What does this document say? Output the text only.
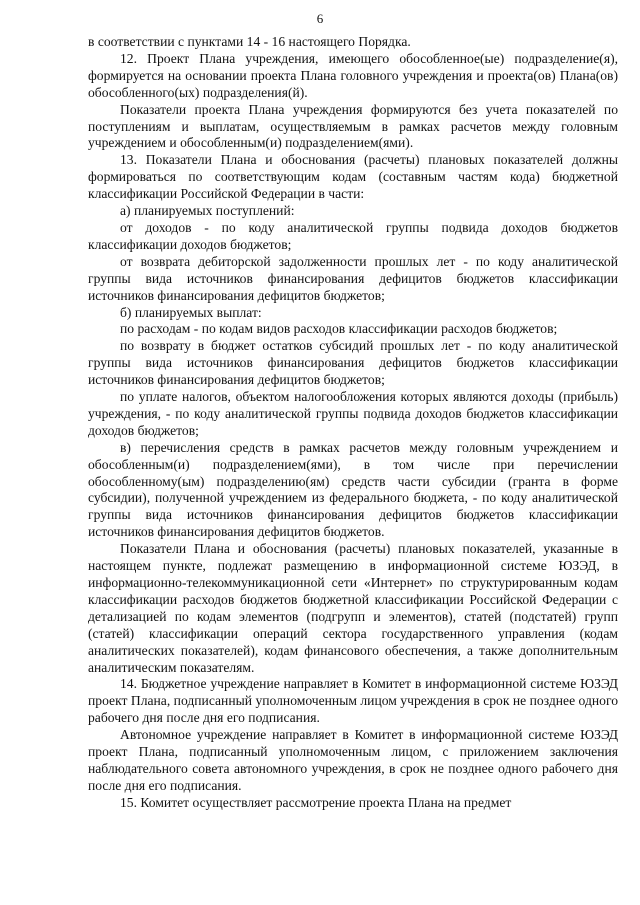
6

в соответствии с пунктами 14 - 16 настоящего Порядка.

12. Проект Плана учреждения, имеющего обособленное(ые) подразделение(я), формируется на основании проекта Плана головного учреждения и проекта(ов) Плана(ов) обособленного(ых) подразделения(й).

Показатели проекта Плана учреждения формируются без учета показателей по поступлениям и выплатам, осуществляемым в рамках расчетов между головным учреждением и обособленным(и) подразделением(ями).

13. Показатели Плана и обоснования (расчеты) плановых показателей должны формироваться по соответствующим кодам (составным частям кода) бюджетной классификации Российской Федерации в части:

а) планируемых поступлений:

от доходов - по коду аналитической группы подвида доходов бюджетов классификации доходов бюджетов;

от возврата дебиторской задолженности прошлых лет - по коду аналитической группы вида источников финансирования дефицитов бюджетов классификации источников финансирования дефицитов бюджетов;

б) планируемых выплат:

по расходам - по кодам видов расходов классификации расходов бюджетов;

по возврату в бюджет остатков субсидий прошлых лет - по коду аналитической группы вида источников финансирования дефицитов бюджетов классификации источников финансирования дефицитов бюджетов;

по уплате налогов, объектом налогообложения которых являются доходы (прибыль) учреждения, - по коду аналитической группы подвида доходов бюджетов классификации доходов бюджетов;

в) перечисления средств в рамках расчетов между головным учреждением и обособленным(и) подразделением(ями), в том числе при перечислении обособленному(ым) подразделению(ям) средств части субсидии (гранта в форме субсидии), полученной учреждением из федерального бюджета, - по коду аналитической группы вида источников финансирования дефицитов бюджетов классификации источников финансирования дефицитов бюджетов.

Показатели Плана и обоснования (расчеты) плановых показателей, указанные в настоящем пункте, подлежат размещению в информационной системе ЮЗЭД, в информационно-телекоммуникационной сети «Интернет» по структурированным кодам классификации расходов бюджетов бюджетной классификации Российской Федерации с детализацией по кодам элементов (подгрупп и элементов), статей (подстатей) групп (статей) классификации операций сектора государственного управления (кодам аналитических показателей), кодам финансового обеспечения, а также дополнительным аналитическим показателям.

14. Бюджетное учреждение направляет в Комитет в информационной системе ЮЗЭД проект Плана, подписанный уполномоченным лицом учреждения в срок не позднее одного рабочего дня после дня его подписания.

Автономное учреждение направляет в Комитет в информационной системе ЮЗЭД проект Плана, подписанный уполномоченным лицом, с приложением заключения наблюдательного совета автономного учреждения, в срок не позднее одного рабочего дня после дня его подписания.

15. Комитет осуществляет рассмотрение проекта Плана на предмет
